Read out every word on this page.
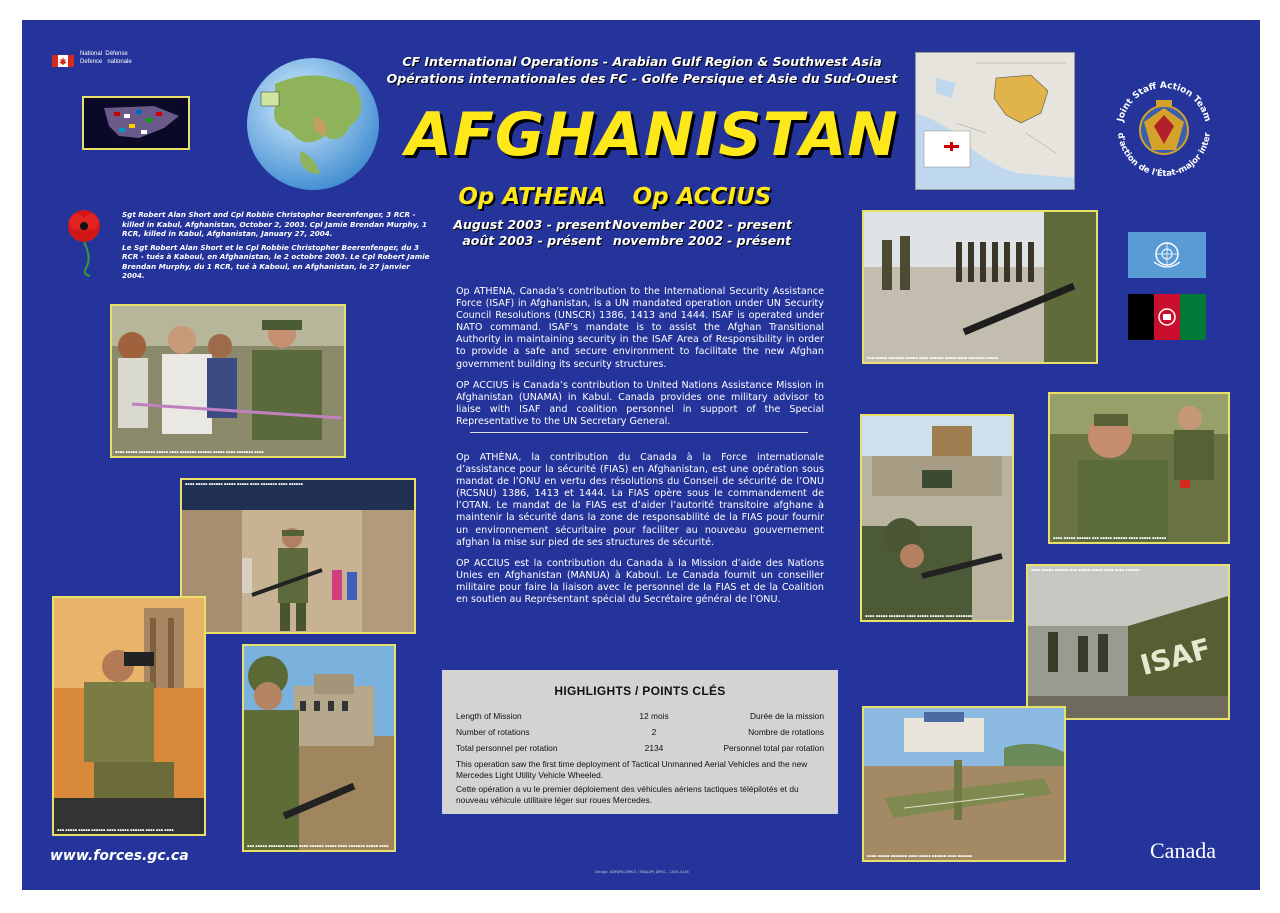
National Défense
Defence nationale	CF International Operations - Arabian Gulf Region & Southwest Asia
Opérations internationales des FC - Golfe Persique et Asie du Sud-Ouest
AFGHANISTAN
Op ATHENA
August 2003 - present
août 2003 - présent
Op ACCIUS
November 2002 - present
novembre 2002 - présent
Joint Staff Action Team
d'action de l'État-major inter

Sgt Robert Alan Short and Cpl Robbie Christopher Beerenfenger, 3 RCR - killed in Kabul, Afghanistan, October 2, 2003. Cpl Jamie Brendan Murphy, 1 RCR, killed in Kabul, Afghanistan, January 27, 2004.

Le Sgt Robert Alan Short et le Cpl Robbie Christopher Beerenfenger, du 3 RCR - tués à Kaboul, en Afghanistan, le 2 octobre 2003. Le Cpl Robert Jamie Brendan Murphy, du 1 RCR, tué à Kaboul, en Afghanistan, le 27 janvier 2004.

Op ATHENA, Canada’s contribution to the International Security Assistance Force (ISAF) in Afghanistan, is a UN mandated operation under UN Security Council Resolutions (UNSCR) 1386, 1413 and 1444. ISAF is operated under NATO command. ISAF’s mandate is to assist the Afghan Transitional Authority in maintaining security in the ISAF Area of Responsibility in order to provide a safe and secure environment to facilitate the new Afghan government building its security structures.

OP ACCIUS is Canada’s contribution to United Nations Assistance Mission in Afghanistan (UNAMA) in Kabul. Canada provides one military advisor to liaise with ISAF and coalition personnel in support of the Special Representative to the UN Secretary General.

Op ATHÈNA, la contribution du Canada à la Force internationale d’assistance pour la sécurité (FIAS) en Afghanistan, est une opération sous mandat de l’ONU en vertu des résolutions du Conseil de sécurité de l’ONU (RCSNU) 1386, 1413 et 1444. La FIAS opère sous le commandement de l’OTAN. Le mandat de la FIAS est d’aider l’autorité transitoire afghane à maintenir la sécurité dans la zone de responsabilité de la FIAS pour fournir un environnement sécuritaire pour faciliter au nouveau gouvernement afghan la mise sur pied de ses structures de sécurité.

OP ACCIUS est la contribution du Canada à la Mission d’aide des Nations Unies en Afghanistan (MANUA) à Kaboul. Le Canada fournit un conseiller militaire pour faire la liaison avec le personnel de la FIAS et de la Coalition en soutien au Représentant spécial du Secrétaire général de l’ONU.

▪▪▪▪ ▪▪▪▪▪ ▪▪▪▪▪▪▪ ▪▪▪▪▪ ▪▪▪▪ ▪▪▪▪▪▪▪ ▪▪▪▪▪▪ ▪▪▪▪▪ ▪▪▪▪ ▪▪▪▪▪▪▪ ▪▪▪▪
▪▪▪▪ ▪▪▪▪▪ ▪▪▪▪▪▪ ▪▪▪▪▪ ▪▪▪▪▪ ▪▪▪▪ ▪▪▪▪▪▪▪ ▪▪▪▪ ▪▪▪▪▪▪
▪▪▪ ▪▪▪▪▪ ▪▪▪▪▪ ▪▪▪▪▪▪ ▪▪▪▪ ▪▪▪▪▪ ▪▪▪▪▪▪ ▪▪▪▪ ▪▪▪ ▪▪▪▪
▪▪▪ ▪▪▪▪▪ ▪▪▪▪▪▪▪ ▪▪▪▪▪ ▪▪▪▪ ▪▪▪▪▪▪ ▪▪▪▪▪ ▪▪▪▪ ▪▪▪▪▪▪▪ ▪▪▪▪▪ ▪▪▪▪
▪▪▪ ▪▪▪▪▪ ▪▪▪▪▪▪▪ ▪▪▪▪▪ ▪▪▪▪ ▪▪▪▪▪▪ ▪▪▪▪▪ ▪▪▪▪ ▪▪▪▪▪▪▪ ▪▪▪▪▪
▪▪▪▪ ▪▪▪▪▪ ▪▪▪▪▪▪▪ ▪▪▪▪ ▪▪▪▪▪ ▪▪▪▪▪▪ ▪▪▪▪ ▪▪▪▪▪▪▪
▪▪▪▪ ▪▪▪▪▪ ▪▪▪▪▪▪ ▪▪▪ ▪▪▪▪▪ ▪▪▪▪▪▪ ▪▪▪▪ ▪▪▪▪▪ ▪▪▪▪▪▪
ISAF
▪▪▪▪ ▪▪▪▪▪ ▪▪▪▪▪▪ ▪▪▪ ▪▪▪▪▪ ▪▪▪▪▪ ▪▪▪▪ ▪▪▪▪ ▪▪▪▪▪▪
▪▪▪▪ ▪▪▪▪▪ ▪▪▪▪▪▪▪ ▪▪▪▪ ▪▪▪▪▪ ▪▪▪▪▪▪ ▪▪▪▪ ▪▪▪▪▪▪
HIGHLIGHTS / POINTS CLÉS
Length of Mission	12 mois	Durée de la mission
Number of rotations	2	Nombre de rotations
Total personnel per rotation	2134	Personnel total par rotation
This operation saw the first time deployment of Tactical Unmanned Aerial Vehicles and the new Mercedes Light Utility Vehicle Wheeled.
Cette opération a vu le premier déploiement des véhicules aériens tactiques télépilotés et du nouveau véhicule utilitaire léger sur roues Mercedes.
www.forces.gc.ca
Design: ADM(PA) DMCS / SMA(AP) DMSC - CS04-0146
Canada
